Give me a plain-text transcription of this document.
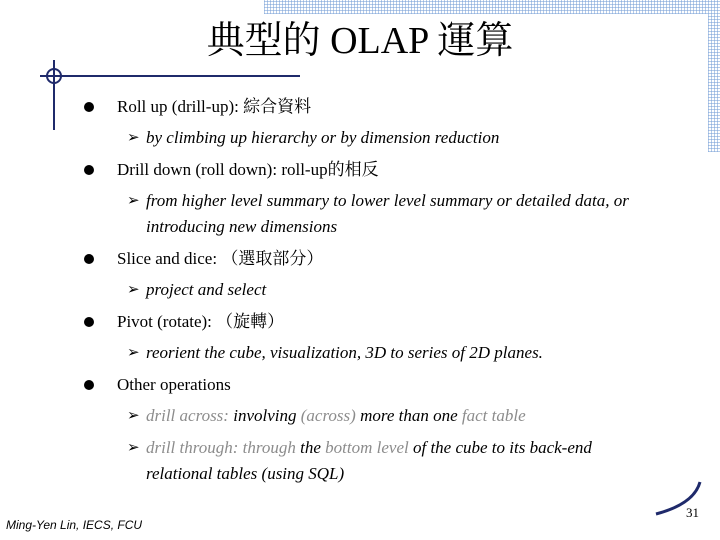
典型的 OLAP 運算
Roll up (drill-up): 綜合資料
➢ by climbing up hierarchy or by dimension reduction
Drill down (roll down): roll-up的相反
➢ from higher level summary to lower level summary or detailed data, or introducing new dimensions
Slice and dice: （選取部分）
➢ project and select
Pivot (rotate): （旋轉）
➢ reorient the cube, visualization, 3D to series of 2D planes.
Other operations
➢ drill across: involving (across) more than one fact table
➢ drill through: through the bottom level of the cube to its back-end relational tables (using SQL)
31
Ming-Yen Lin, IECS, FCU
